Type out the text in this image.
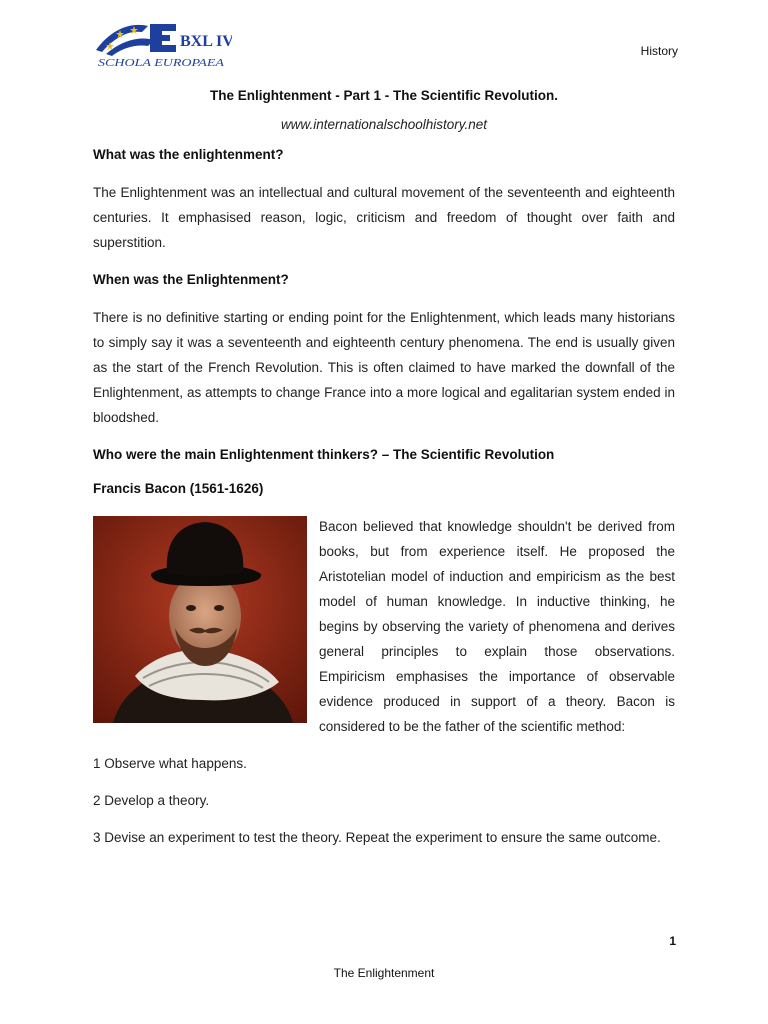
BXL IV
SCHOLA EUROPAEA
History
The Enlightenment - Part 1 - The Scientific Revolution.
www.internationalschoolhistory.net

What was the enlightenment?

The Enlightenment was an intellectual and cultural movement of the seventeenth and eighteenth centuries. It emphasised reason, logic, criticism and freedom of thought over faith and superstition.

When was the Enlightenment?

There is no definitive starting or ending point for the Enlightenment, which leads many historians to simply say it was a seventeenth and eighteenth century phenomena. The end is usually given as the start of the French Revolution. This is often claimed to have marked the downfall of the Enlightenment, as attempts to change France into a more logical and egalitarian system ended in bloodshed.

Who were the main Enlightenment thinkers? – The Scientific Revolution

Francis Bacon (1561-1626)

Bacon believed that knowledge shouldn't be derived from books, but from experience itself. He proposed the Aristotelian model of induction and empiricism as the best model of human knowledge. In inductive thinking, he begins by observing the variety of phenomena and derives general principles to explain those observations. Empiricism emphasises the importance of observable evidence produced in support of a theory. Bacon is considered to be the father of the scientific method:

1 Observe what happens.

2 Develop a theory.

3 Devise an experiment to test the theory. Repeat the experiment to ensure the same outcome.

1
The Enlightenment
